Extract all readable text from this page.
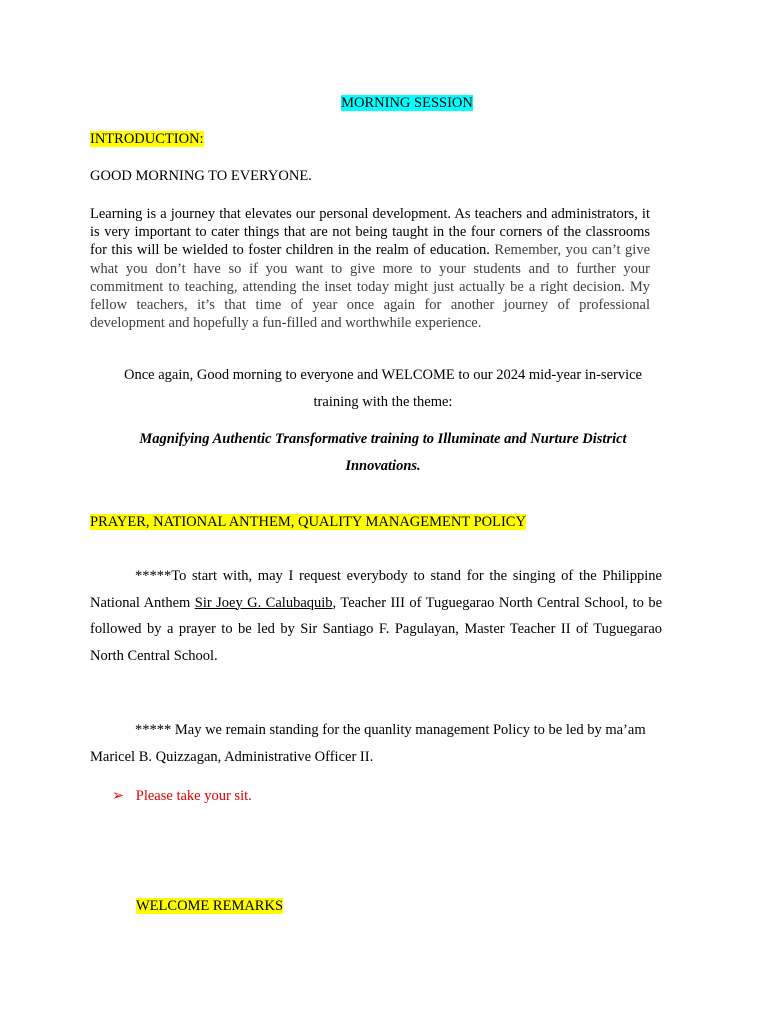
MORNING SESSION
INTRODUCTION:
GOOD MORNING TO EVERYONE.
Learning is a journey that elevates our personal development. As teachers and administrators, it is very important to cater things that are not being taught in the four corners of the classrooms for this will be wielded to foster children in the realm of education. Remember, you can’t give what you don’t have so if you want to give more to your students and to further your commitment to teaching, attending the inset today might just actually be a right decision. My fellow teachers, it’s that time of year once again for another journey of professional development and hopefully a fun-filled and worthwhile experience.
Once again, Good morning to everyone and WELCOME to our 2024 mid-year in-service training with the theme:
Magnifying Authentic Transformative training to Illuminate and Nurture District Innovations.
PRAYER, NATIONAL ANTHEM, QUALITY MANAGEMENT POLICY
*****To start with, may I request everybody to stand for the singing of the Philippine National Anthem Sir Joey G. Calubaquib, Teacher III of Tuguegarao North Central School, to be followed by a prayer to be led by Sir Santiago F. Pagulayan, Master Teacher II of Tuguegarao North Central School.
***** May we remain standing for the quanlity management Policy to be led by ma’am Maricel B. Quizzagan, Administrative Officer II.
➢ Please take your sit.
WELCOME REMARKS
